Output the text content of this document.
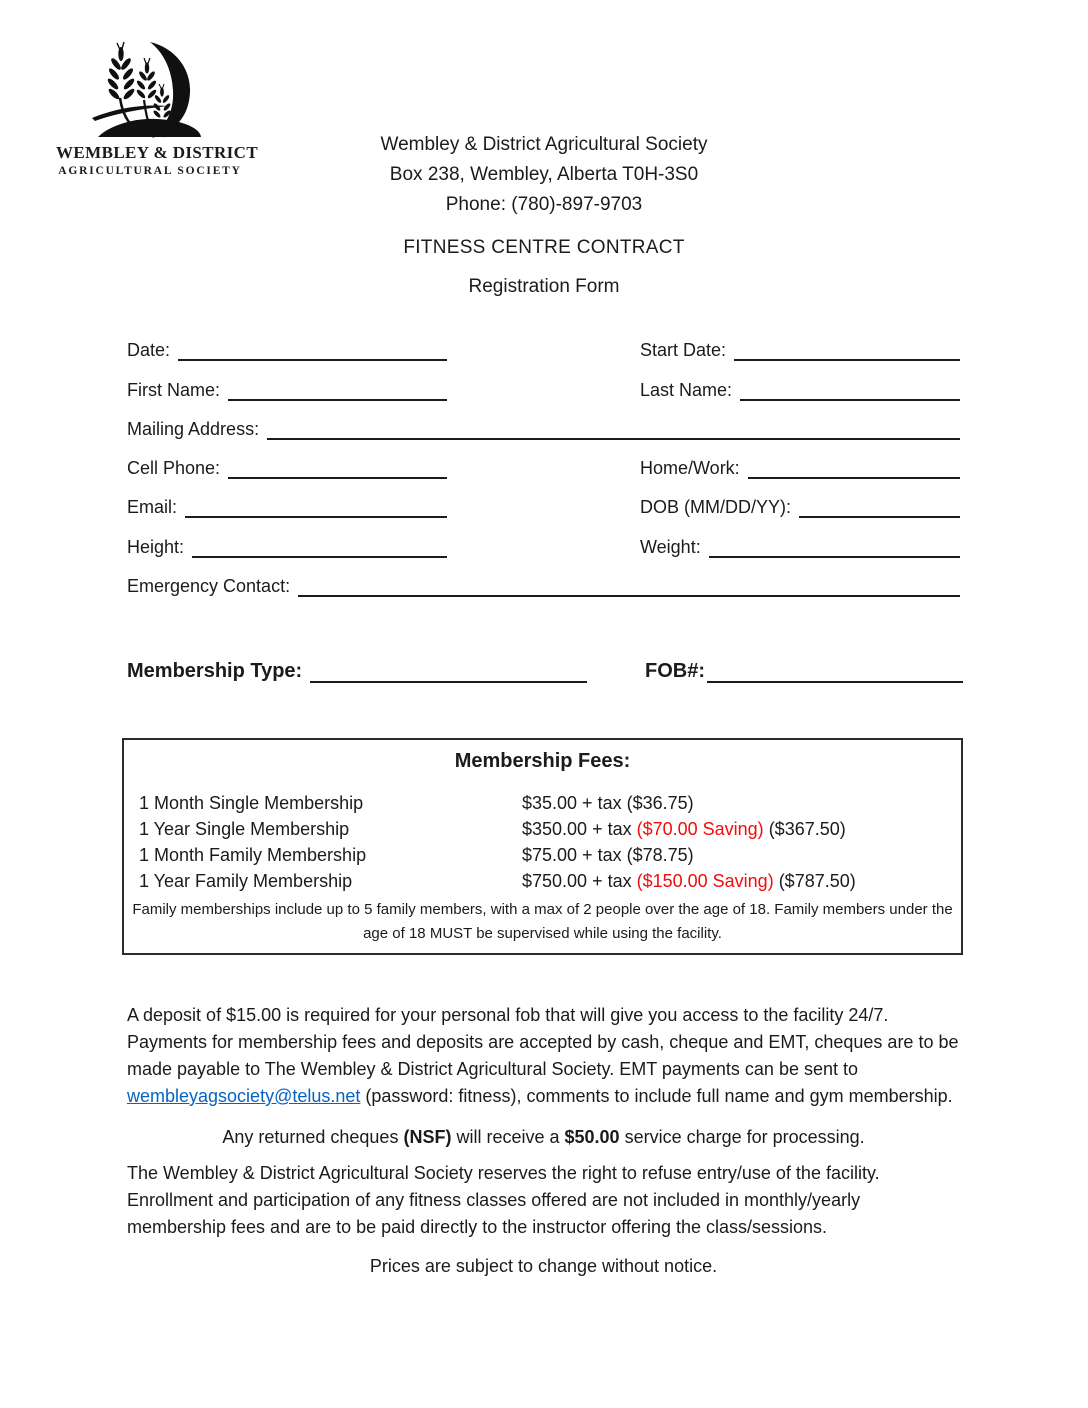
WEMBLEY & DISTRICT
AGRICULTURAL SOCIETY
Wembley & District Agricultural Society
Box 238, Wembley, Alberta T0H-3S0
Phone: (780)-897-9703
FITNESS CENTRE CONTRACT
Registration Form
Date:	Start Date:
First Name:	Last Name:
Mailing Address:
Cell Phone:	Home/Work:
Email:	DOB (MM/DD/YY):
Height:	Weight:
Emergency Contact:
Membership Type:	FOB#:
Membership Fees:
1 Month Single Membership	$35.00 + tax ($36.75)
1 Year Single Membership	$350.00 + tax ($70.00 Saving) ($367.50)
1 Month Family Membership	$75.00 + tax ($78.75)
1 Year Family Membership	$750.00 + tax ($150.00 Saving) ($787.50)
Family memberships include up to 5 family members, with a max of 2 people over the age of 18. Family members under the age of 18 MUST be supervised while using the facility.

A deposit of $15.00 is required for your personal fob that will give you access to the facility 24/7. Payments for membership fees and deposits are accepted by cash, cheque and EMT, cheques are to be made payable to The Wembley & District Agricultural Society. EMT payments can be sent to wembleyagsociety@telus.net (password: fitness), comments to include full name and gym membership.

Any returned cheques (NSF) will receive a $50.00 service charge for processing.

The Wembley & District Agricultural Society reserves the right to refuse entry/use of the facility. Enrollment and participation of any fitness classes offered are not included in monthly/yearly membership fees and are to be paid directly to the instructor offering the class/sessions.

Prices are subject to change without notice.
